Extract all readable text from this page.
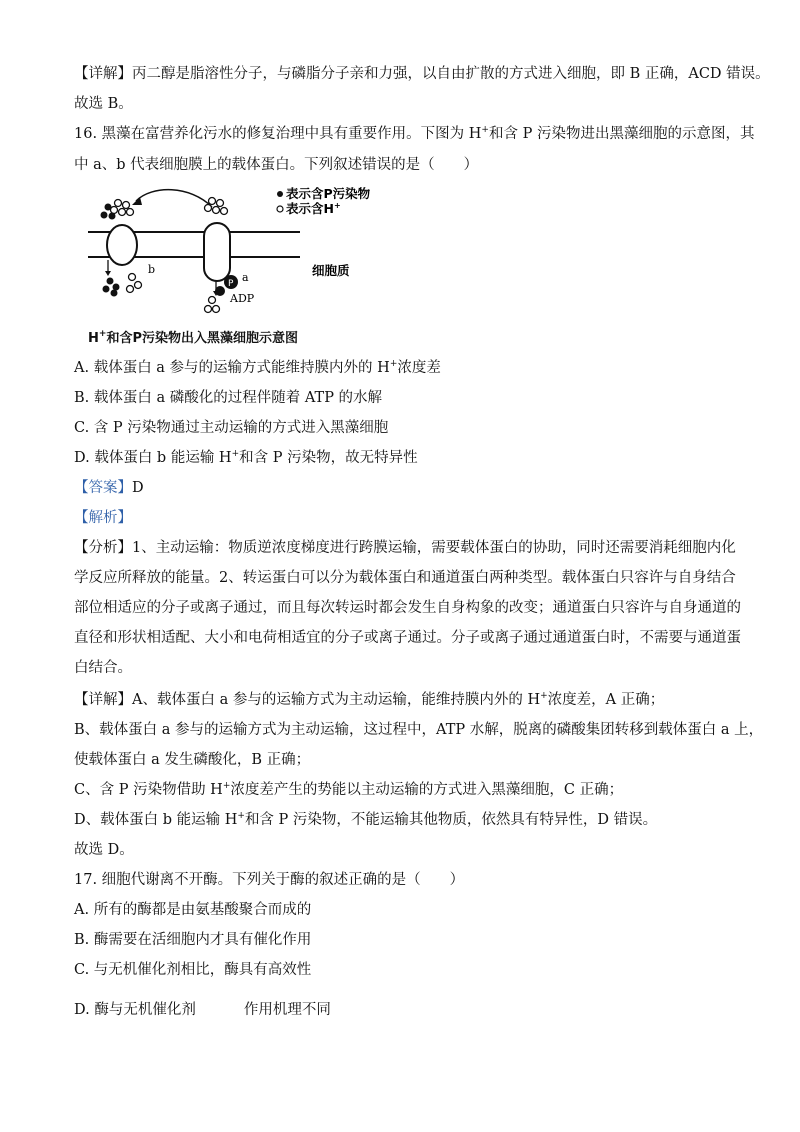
【详解】丙二醇是脂溶性分子，与磷脂分子亲和力强，以自由扩散的方式进入细胞，即 B 正确，ACD 错误。
故选 B。
16. 黑藻在富营养化污水的修复治理中具有重要作用。下图为 H+和含 P 污染物进出黑藻细胞的示意图，其
中 a、b 代表细胞膜上的载体蛋白。下列叙述错误的是（　　）
P
ADP
a
b	细胞质
表示含P污染物
表示含H+
H+和含P污染物出入黑藻细胞示意图
A. 载体蛋白 a 参与的运输方式能维持膜内外的 H+浓度差
B. 载体蛋白 a 磷酸化的过程伴随着 ATP 的水解
C. 含 P 污染物通过主动运输的方式进入黑藻细胞
D. 载体蛋白 b 能运输 H+和含 P 污染物，故无特异性
【答案】D
【解析】
【分析】1、主动运输：物质逆浓度梯度进行跨膜运输，需要载体蛋白的协助，同时还需要消耗细胞内化
学反应所释放的能量。2、转运蛋白可以分为载体蛋白和通道蛋白两种类型。载体蛋白只容许与自身结合
部位相适应的分子或离子通过，而且每次转运时都会发生自身构象的改变；通道蛋白只容许与自身通道的
直径和形状相适配、大小和电荷相适宜的分子或离子通过。分子或离子通过通道蛋白时，不需要与通道蛋
白结合。
【详解】A、载体蛋白 a 参与的运输方式为主动运输，能维持膜内外的 H+浓度差，A 正确；
B、载体蛋白 a 参与的运输方式为主动运输，这过程中，ATP 水解，脱离的磷酸集团转移到载体蛋白 a 上，
使载体蛋白 a 发生磷酸化，B 正确；
C、含 P 污染物借助 H+浓度差产生的势能以主动运输的方式进入黑藻细胞，C 正确；
D、载体蛋白 b 能运输 H+和含 P 污染物，不能运输其他物质，依然具有特异性，D 错误。
故选 D。
17. 细胞代谢离不开酶。下列关于酶的叙述正确的是（　　）
A. 所有的酶都是由氨基酸聚合而成的
B. 酶需要在活细胞内才具有催化作用
C. 与无机催化剂相比，酶具有高效性
D. 酶与无机催化剂	作用机理不同
